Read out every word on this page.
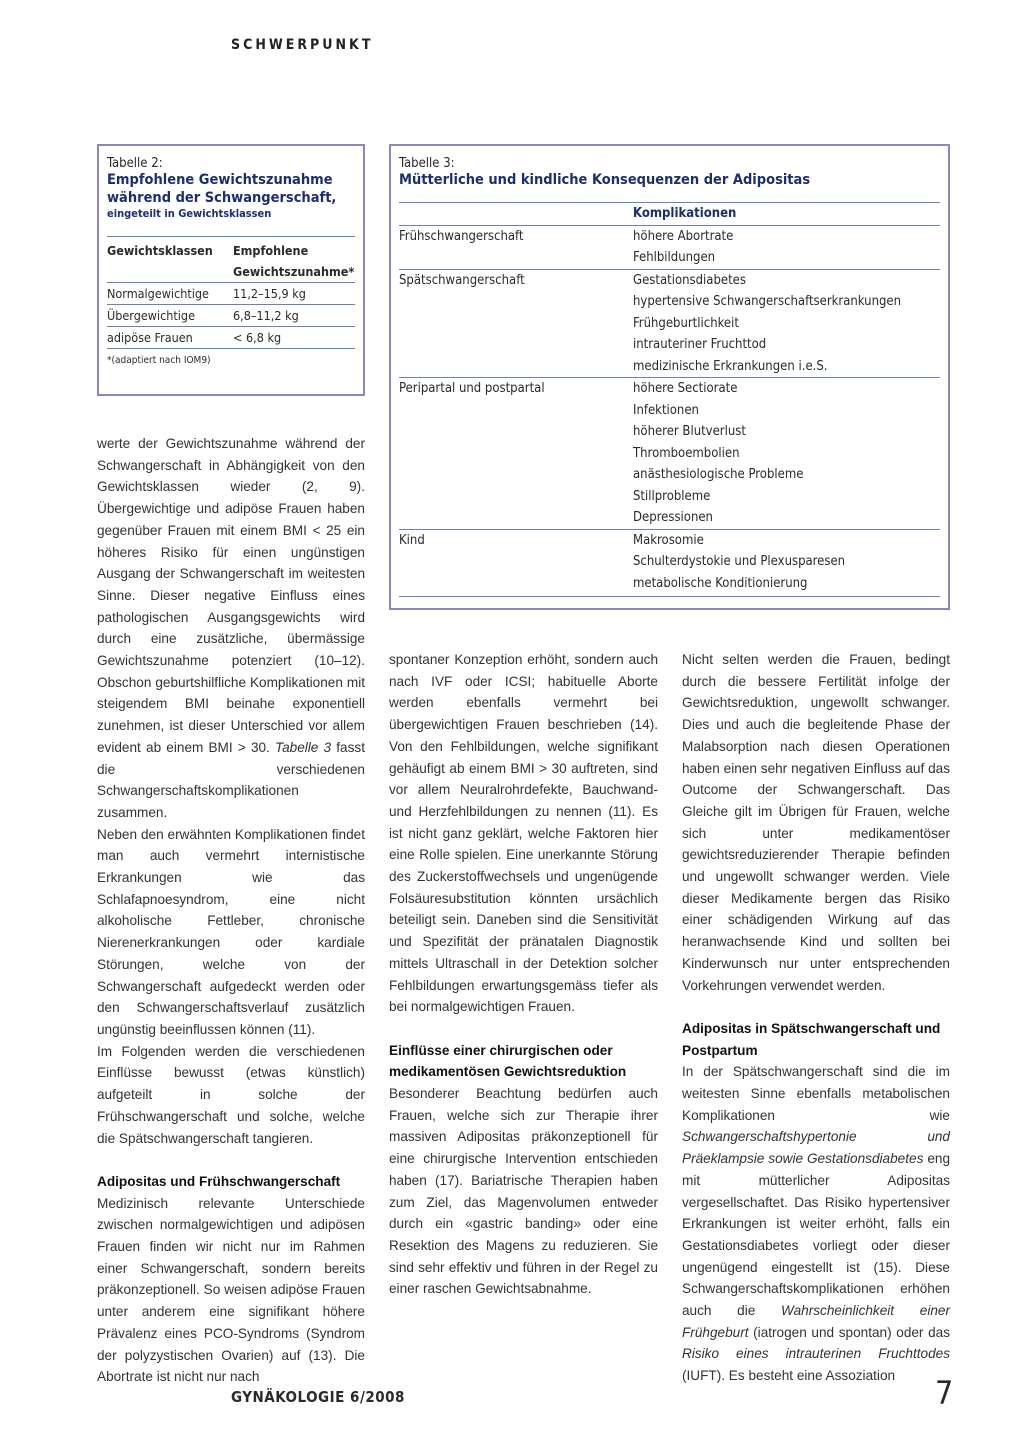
SCHWERPUNKT
Tabelle 2:
Empfohlene Gewichtszunahme
während der Schwangerschaft,
eingeteilt in Gewichtsklassen
Gewichtsklassen	Empfohlene
Gewichtszunahme*
Normalgewichtige	11,2–15,9 kg
Übergewichtige	6,8–11,2 kg
adipöse Frauen	< 6,8 kg
*(adaptiert nach IOM9)
Tabelle 3:
Mütterliche und kindliche Konsequenzen der Adipositas
Komplikationen
Frühschwangerschaft	höhere Abortrate
Fehlbildungen
Spätschwangerschaft	Gestationsdiabetes
hypertensive Schwangerschaftserkrankungen
Frühgeburtlichkeit
intrauteriner Fruchttod
medizinische Erkrankungen i.e.S.
Peripartal und postpartal	höhere Sectiorate
Infektionen
höherer Blutverlust
Thromboembolien
anästhesiologische Probleme
Stillprobleme
Depressionen
Kind	Makrosomie
Schulterdystokie und Plexusparesen
metabolische Konditionierung

werte der Gewichtszunahme während der Schwangerschaft in Abhängigkeit von den Gewichtsklassen wieder (2, 9). Übergewichtige und adipöse Frauen haben gegenüber Frauen mit einem BMI < 25 ein höheres Risiko für einen ungünstigen Ausgang der Schwangerschaft im weitesten Sinne. Dieser negative Einfluss eines pathologischen Ausgangsgewichts wird durch eine zusätzliche, übermässige Gewichtszunahme potenziert (10–12). Obschon geburtshilfliche Komplikationen mit steigendem BMI beinahe exponentiell zunehmen, ist dieser Unterschied vor allem evident ab einem BMI > 30. Tabelle 3 fasst die verschiedenen Schwangerschaftskomplikationen zusammen.

Neben den erwähnten Komplikationen findet man auch vermehrt internistische Erkrankungen wie das Schlafapnoesyndrom, eine nicht alkoholische Fettleber, chronische Nierenerkrankungen oder kardiale Störungen, welche von der Schwangerschaft aufgedeckt werden oder den Schwangerschaftsverlauf zusätzlich ungünstig beeinflussen können (11).

Im Folgenden werden die verschiedenen Einflüsse bewusst (etwas künstlich) aufgeteilt in solche der Frühschwangerschaft und solche, welche die Spätschwangerschaft tangieren.

Adipositas und Frühschwangerschaft

Medizinisch relevante Unterschiede zwischen normalgewichtigen und adipösen Frauen finden wir nicht nur im Rahmen einer Schwangerschaft, sondern bereits präkonzeptionell. So weisen adipöse Frauen unter anderem eine signifikant höhere Prävalenz eines PCO-Syndroms (Syndrom der polyzystischen Ovarien) auf (13). Die Abortrate ist nicht nur nach

spontaner Konzeption erhöht, sondern auch nach IVF oder ICSI; habituelle Aborte werden ebenfalls vermehrt bei übergewichtigen Frauen beschrieben (14). Von den Fehlbildungen, welche signifikant gehäufigt ab einem BMI > 30 auftreten, sind vor allem Neuralrohrdefekte, Bauchwand- und Herzfehlbildungen zu nennen (11). Es ist nicht ganz geklärt, welche Faktoren hier eine Rolle spielen. Eine unerkannte Störung des Zuckerstoffwechsels und ungenügende Folsäuresubstitution könnten ursächlich beteiligt sein. Daneben sind die Sensitivität und Spezifität der pränatalen Diagnostik mittels Ultraschall in der Detektion solcher Fehlbildungen erwartungsgemäss tiefer als bei normalgewichtigen Frauen.

Einflüsse einer chirurgischen oder medikamentösen Gewichtsreduktion

Besonderer Beachtung bedürfen auch Frauen, welche sich zur Therapie ihrer massiven Adipositas präkonzeptionell für eine chirurgische Intervention entschieden haben (17). Bariatrische Therapien haben zum Ziel, das Magenvolumen entweder durch ein «gastric banding» oder eine Resektion des Magens zu reduzieren. Sie sind sehr effektiv und führen in der Regel zu einer raschen Gewichtsabnahme.

Nicht selten werden die Frauen, bedingt durch die bessere Fertilität infolge der Gewichtsreduktion, ungewollt schwanger. Dies und auch die begleitende Phase der Malabsorption nach diesen Operationen haben einen sehr negativen Einfluss auf das Outcome der Schwangerschaft. Das Gleiche gilt im Übrigen für Frauen, welche sich unter medikamentöser gewichtsreduzierender Therapie befinden und ungewollt schwanger werden. Viele dieser Medikamente bergen das Risiko einer schädigenden Wirkung auf das heranwachsende Kind und sollten bei Kinderwunsch nur unter entsprechenden Vorkehrungen verwendet werden.

Adipositas in Spätschwangerschaft und Postpartum

In der Spätschwangerschaft sind die im weitesten Sinne ebenfalls metabolischen Komplikationen wie Schwangerschaftshypertonie und Präeklampsie sowie Gestationsdiabetes eng mit mütterlicher Adipositas vergesellschaftet. Das Risiko hypertensiver Erkrankungen ist weiter erhöht, falls ein Gestationsdiabetes vorliegt oder dieser ungenügend eingestellt ist (15). Diese Schwangerschaftskomplikationen erhöhen auch die Wahrscheinlichkeit einer Frühgeburt (iatrogen und spontan) oder das Risiko eines intrauterinen Fruchttodes (IUFT). Es besteht eine Assoziation

GYNÄKOLOGIE 6/2008	7
